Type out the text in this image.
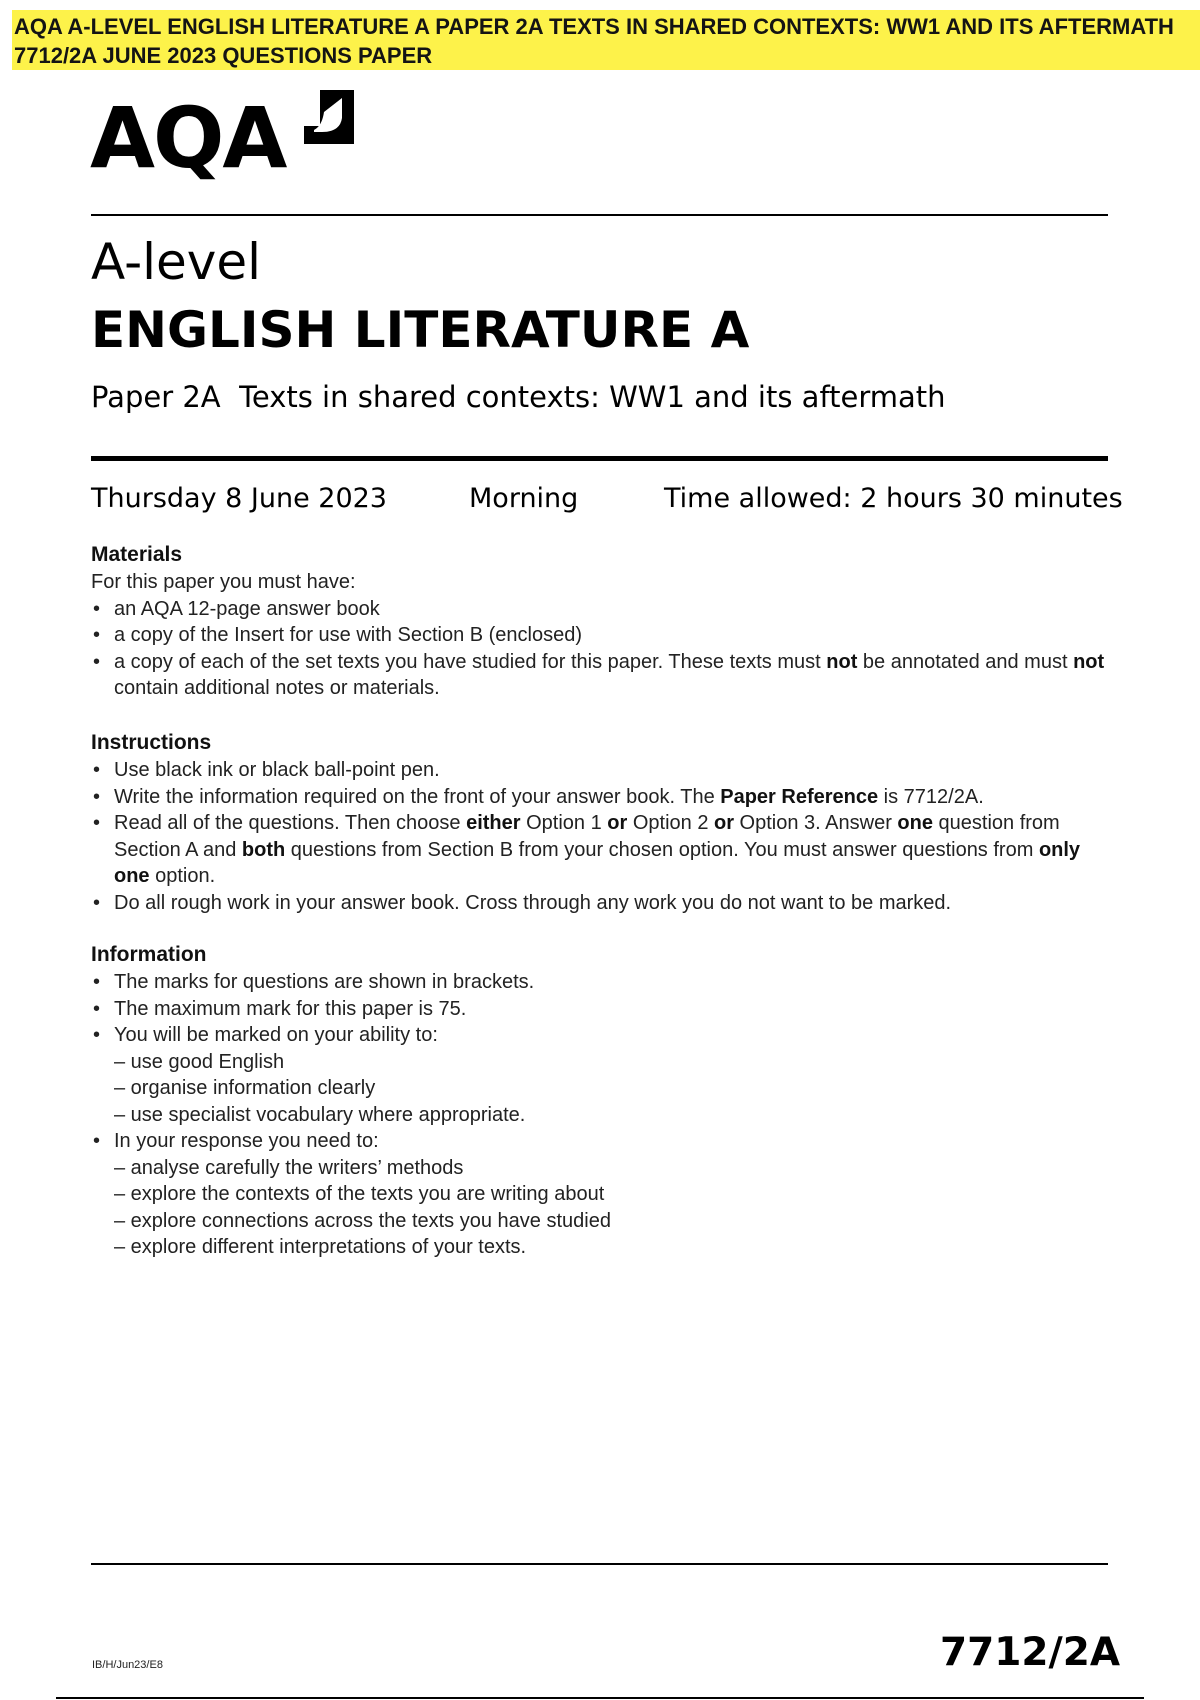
AQA A-LEVEL ENGLISH LITERATURE A PAPER 2A TEXTS IN SHARED CONTEXTS: WW1 AND ITS AFTERMATH 7712/2A JUNE 2023 QUESTIONS PAPER
AQA
A-level
ENGLISH LITERATURE A
Paper 2A  Texts in shared contexts: WW1 and its aftermath
Thursday 8 June 2023	Morning	Time allowed: 2 hours 30 minutes
Materials
For this paper you must have:
• an AQA 12-page answer book
• a copy of the Insert for use with Section B (enclosed)
• a copy of each of the set texts you have studied for this paper. These texts must not be annotated and must not contain additional notes or materials.
Instructions
• Use black ink or black ball-point pen.
• Write the information required on the front of your answer book. The Paper Reference is 7712/2A.
• Read all of the questions. Then choose either Option 1 or Option 2 or Option 3. Answer one question from Section A and both questions from Section B from your chosen option. You must answer questions from only one option.
• Do all rough work in your answer book. Cross through any work you do not want to be marked.
Information
• The marks for questions are shown in brackets.
• The maximum mark for this paper is 75.
• You will be marked on your ability to:
– use good English
– organise information clearly
– use specialist vocabulary where appropriate.
• In your response you need to:
– analyse carefully the writers’ methods
– explore the contexts of the texts you are writing about
– explore connections across the texts you have studied
– explore different interpretations of your texts.
IB/H/Jun23/E8	7712/2A
